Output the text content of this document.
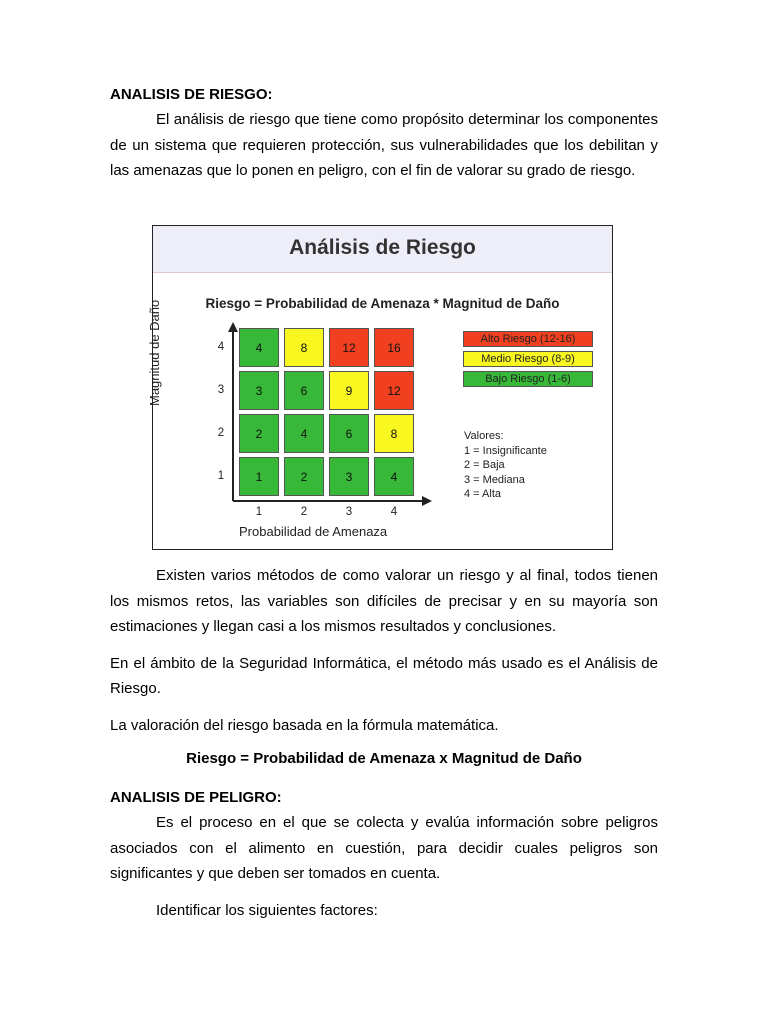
ANALISIS DE RIESGO:

El análisis de riesgo que tiene como propósito determinar los componentes de un sistema que requieren protección, sus vulnerabilidades que los debilitan y las amenazas que lo ponen en peligro, con el fin de valorar su grado de riesgo.

Análisis de Riesgo
Riesgo = Probabilidad de Amenaza * Magnitud de Daño
4	8	12	16
3	6	9	12
2	4	6	8
1	2	3	4
4
3
2
1
1	2	3	4
Probabilidad de Amenaza
Magnitud de Daño	Alto Riesgo (12-16)
Medio Riesgo (8-9)
Bajo Riesgo (1-6)
Valores:
1 = Insignificante
2 = Baja
3 = Mediana
4 = Alta

Existen varios métodos de como valorar un riesgo y al final, todos tienen los mismos retos, las variables son difíciles de precisar y en su mayoría son estimaciones y llegan casi a los mismos resultados y conclusiones.

En el ámbito de la Seguridad Informática, el método más usado es el Análisis de Riesgo.

La valoración del riesgo basada en la fórmula matemática.

Riesgo = Probabilidad de Amenaza x Magnitud de Daño

ANALISIS DE PELIGRO:

Es el proceso en el que se colecta y evalúa información sobre peligros asociados con el alimento en cuestión, para decidir cuales peligros son significantes y que deben ser tomados en cuenta.

Identificar los siguientes factores:
